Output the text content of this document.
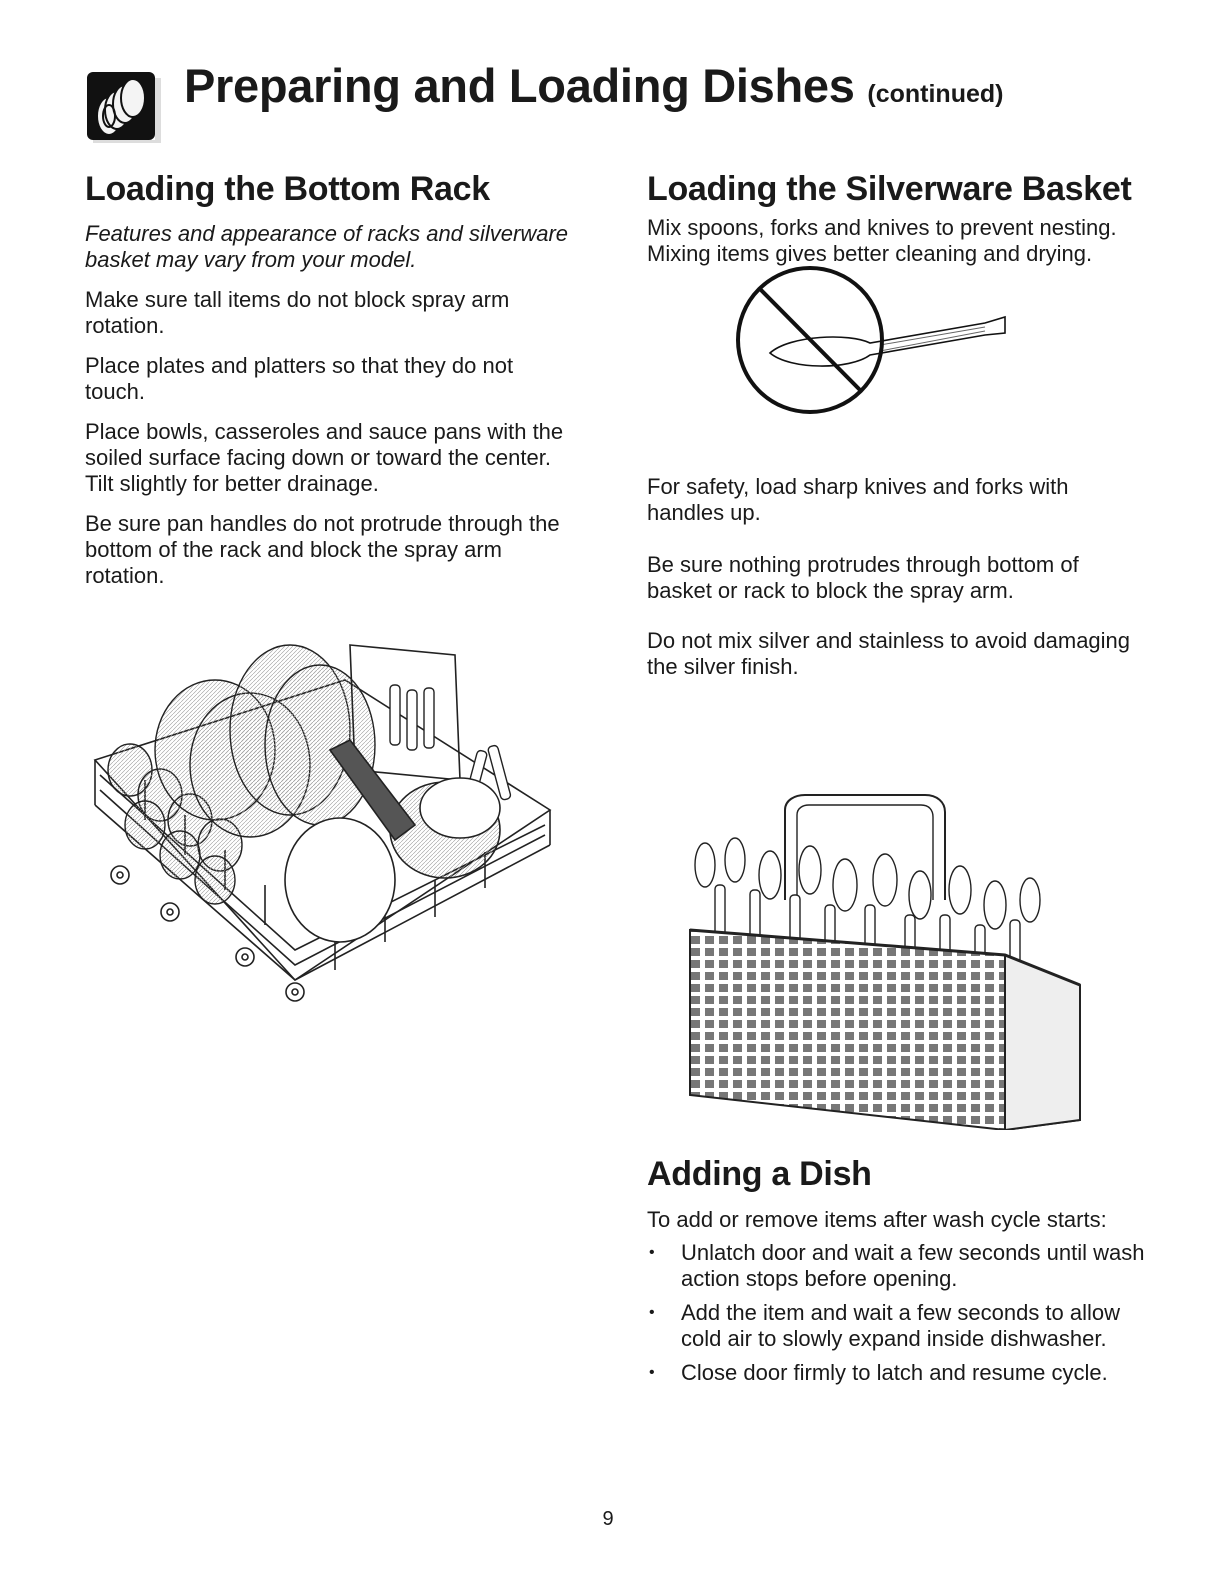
Preparing and Loading Dishes (continued)
Loading the Bottom Rack

Features and appearance of racks and silverware basket may vary from your model.

Make sure tall items do not block spray arm rotation.

Place plates and platters so that they do not touch.

Place bowls, casseroles and sauce pans with the soiled surface facing down or toward the center. Tilt slightly for better drainage.

Be sure pan handles do not protrude through the bottom of the rack and block the spray arm rotation.

Loading the Silverware Basket

Mix spoons, forks and knives to prevent nesting. Mixing items gives better cleaning and drying.

For safety, load sharp knives and forks with handles up.

Be sure nothing protrudes through bottom of basket or rack to block the spray arm.

Do not mix silver and stainless to avoid damaging the silver finish.

Adding a Dish

To add or remove items after wash cycle starts:

• Unlatch door and wait a few seconds until wash action stops before opening.
• Add the item and wait a few seconds to allow cold air to slowly expand inside dishwasher.
• Close door firmly to latch and resume cycle.
9
